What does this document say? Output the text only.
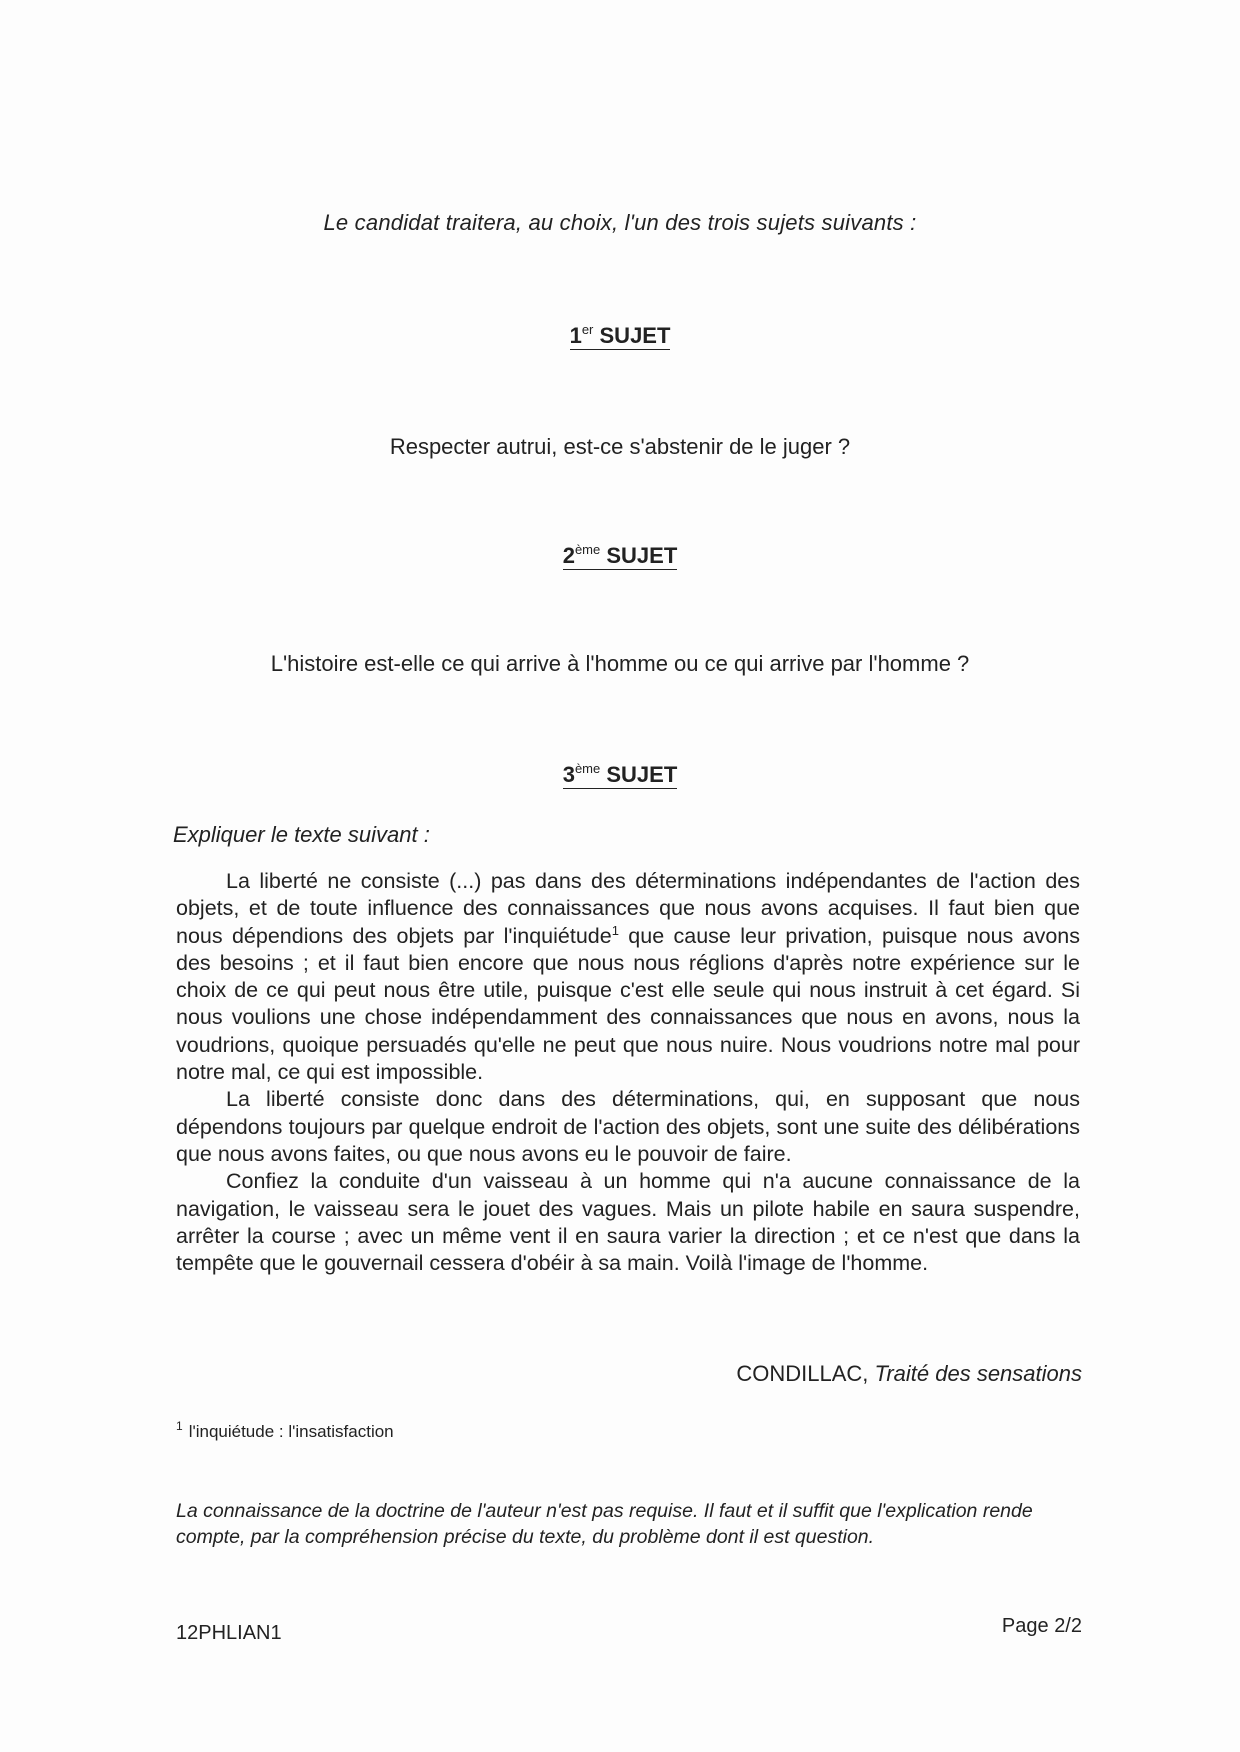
Le candidat traitera, au choix, l'un des trois sujets suivants :
1er SUJET
Respecter autrui, est-ce s'abstenir de le juger ?
2ème SUJET
L'histoire est-elle ce qui arrive à l'homme ou ce qui arrive par l'homme ?
3ème SUJET
Expliquer le texte suivant :

La liberté ne consiste (...) pas dans des déterminations indépendantes de l'action des objets, et de toute influence des connaissances que nous avons acquises. Il faut bien que nous dépendions des objets par l'inquiétude$^1$ que cause leur privation, puisque nous avons des besoins ; et il faut bien encore que nous nous réglions d'après notre expérience sur le choix de ce qui peut nous être utile, puisque c'est elle seule qui nous instruit à cet égard. Si nous voulions une chose indépendamment des connaissances que nous en avons, nous la voudrions, quoique persuadés qu'elle ne peut que nous nuire. Nous voudrions notre mal pour notre mal, ce qui est impossible.

La liberté consiste donc dans des déterminations, qui, en supposant que nous dépendons toujours par quelque endroit de l'action des objets, sont une suite des délibérations que nous avons faites, ou que nous avons eu le pouvoir de faire.

Confiez la conduite d'un vaisseau à un homme qui n'a aucune connaissance de la navigation, le vaisseau sera le jouet des vagues. Mais un pilote habile en saura suspendre, arrêter la course ; avec un même vent il en saura varier la direction ; et ce n'est que dans la tempête que le gouvernail cessera d'obéir à sa main. Voilà l'image de l'homme.

CONDILLAC, Traité des sensations
$^1$ l'inquiétude : l'insatisfaction
La connaissance de la doctrine de l'auteur n'est pas requise. Il faut et il suffit que l'explication rende compte, par la compréhension précise du texte, du problème dont il est question.
12PHLIAN1	Page 2/2
